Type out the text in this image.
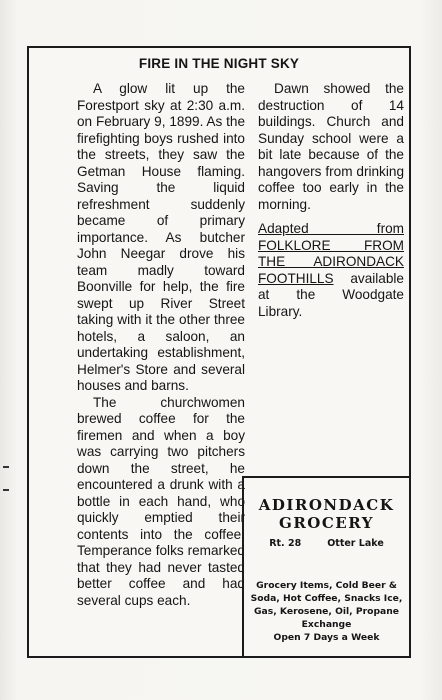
FIRE IN THE NIGHT SKY

A glow lit up the Forestport sky at 2:30 a.m. on February 9, 1899. As the firefighting boys rushed into the streets, they saw the Getman House flaming. Saving the liquid refreshment suddenly became of primary importance. As butcher John Neegar drove his team madly toward Boonville for help, the fire swept up River Street taking with it the other three hotels, a saloon, an undertaking establishment, Helmer's Store and several houses and barns.

The churchwomen brewed coffee for the firemen and when a boy was carrying two pitchers down the street, he encountered a drunk with a bottle in each hand, who quickly emptied their contents into the coffee. Temperance folks remarked that they had never tasted better coffee and had several cups each.

Dawn showed the destruction of 14 buildings. Church and Sunday school were a bit late because of the hangovers from drinking coffee too early in the morning.

Adapted from FOLKLORE FROM THE ADIRONDACK FOOTHILLS available at the Woodgate Library.

ADIRONDACK
GROCERY
Rt. 28	Otter Lake
Grocery Items, Cold Beer & Soda, Hot Coffee, Snacks Ice, Gas, Kerosene, Oil, Propane Exchange
Open 7 Days a Week
